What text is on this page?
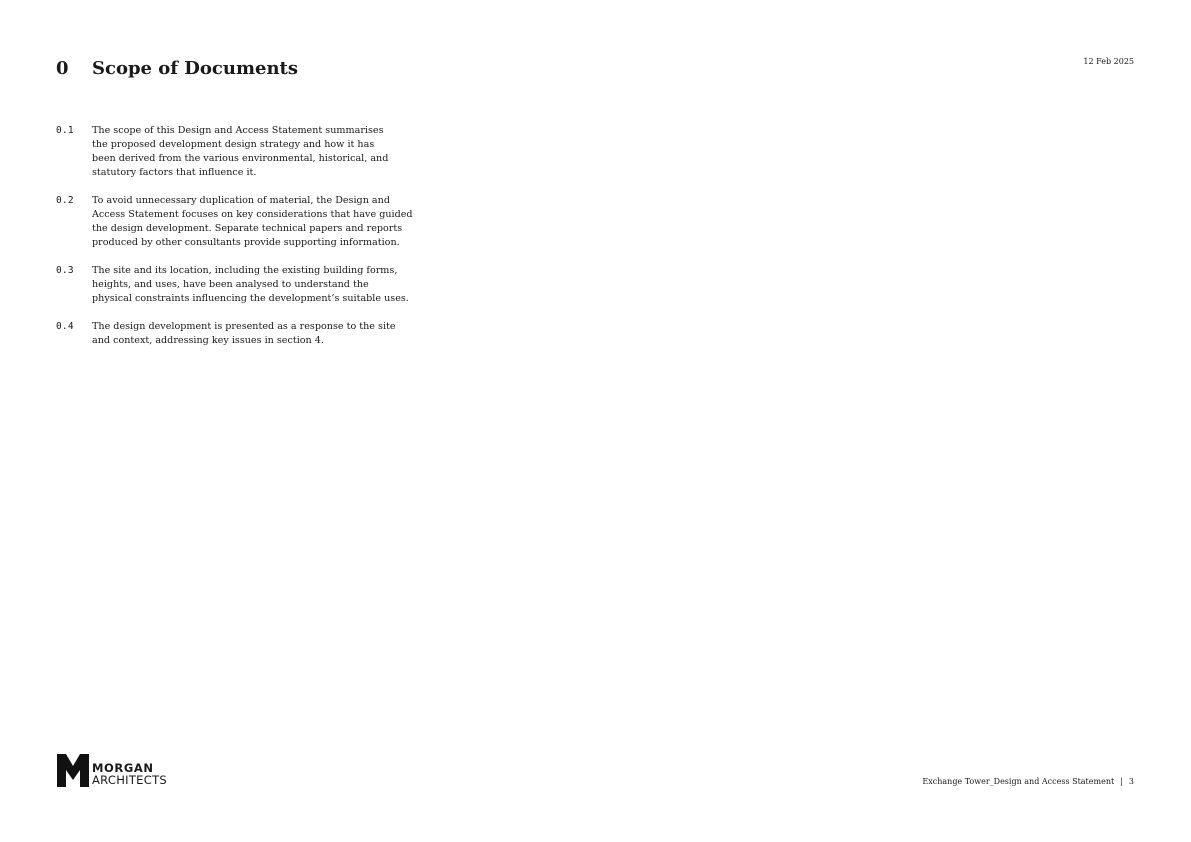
0 Scope of Documents	12 Feb 2025
0.1 The scope of this Design and Access Statement summarises
the proposed development design strategy and how it has
been derived from the various environmental, historical, and
statutory factors that influence it.
0.2 To avoid unnecessary duplication of material, the Design and
Access Statement focuses on key considerations that have guided
the design development. Separate technical papers and reports
produced by other consultants provide supporting information.
0.3 The site and its location, including the existing building forms,
heights, and uses, have been analysed to understand the
physical constraints influencing the development’s suitable uses.
0.4 The design development is presented as a response to the site
and context, addressing key issues in section 4.
MORGAN
ARCHITECTS	Exchange Tower_Design and Access Statement | 3
